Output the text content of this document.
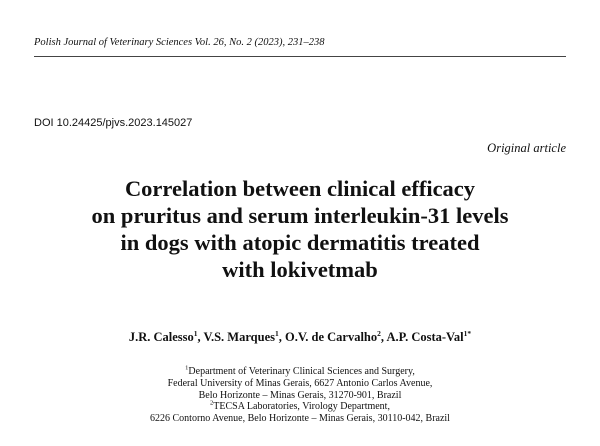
Polish Journal of Veterinary Sciences Vol. 26, No. 2 (2023), 231–238
DOI 10.24425/pjvs.2023.145027
Original article
Correlation between clinical efficacy
on pruritus and serum interleukin-31 levels
in dogs with atopic dermatitis treated
with lokivetmab
J.R. Calesso$^1$, V.S. Marques$^1$, O.V. de Carvalho$^2$, A.P. Costa-Val$^{1*}$
$^1$Department of Veterinary Clinical Sciences and Surgery,
Federal University of Minas Gerais, 6627 Antonio Carlos Avenue,
Belo Horizonte – Minas Gerais, 31270-901, Brazil
$^2$TECSA Laboratories, Virology Department,
6226 Contorno Avenue, Belo Horizonte – Minas Gerais, 30110-042, Brazil
